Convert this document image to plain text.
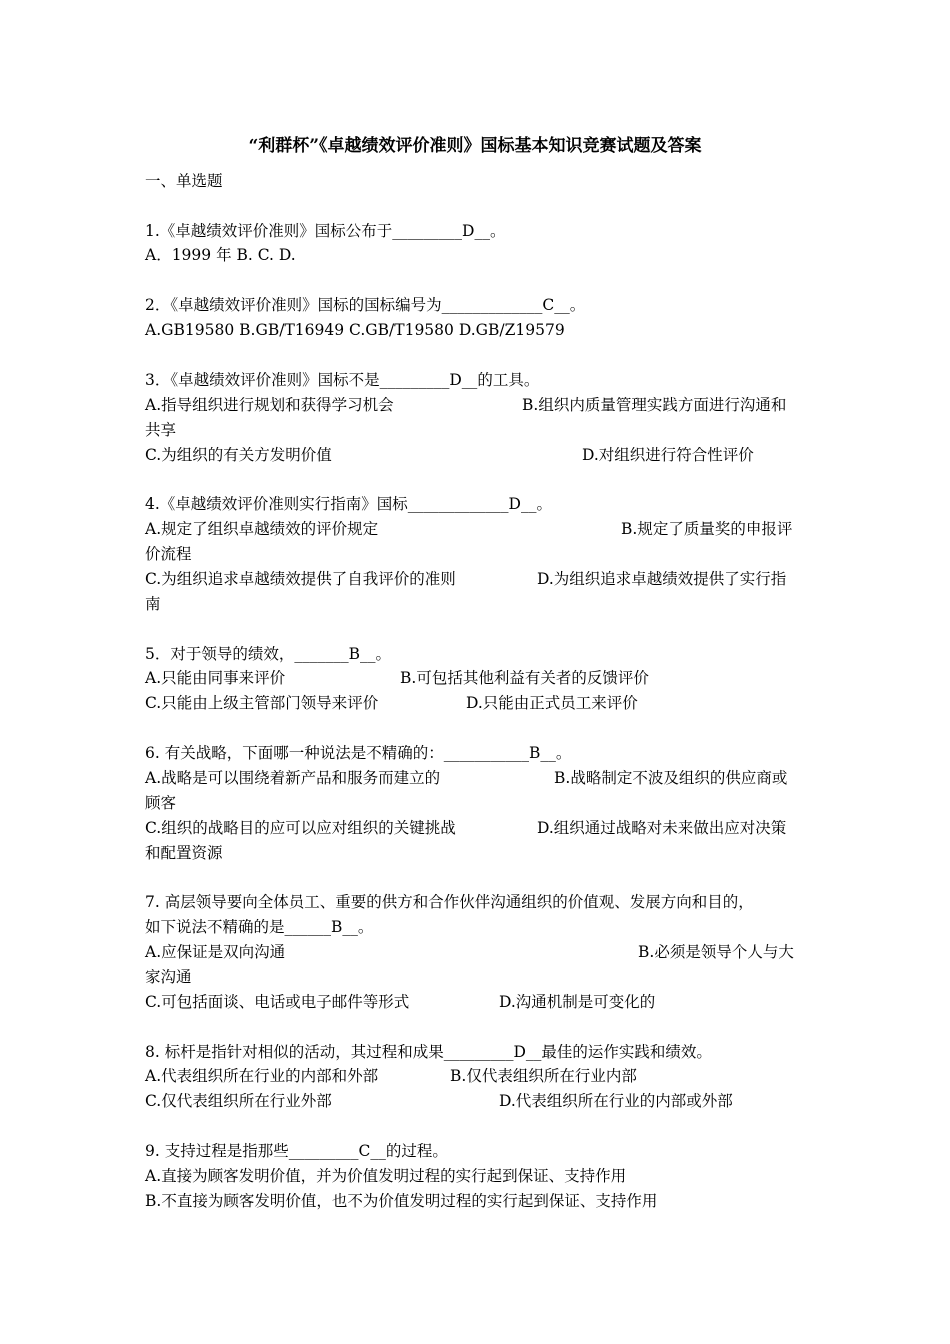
“利群杯”《卓越绩效评价准则》国标基本知识竞赛试题及答案
一、单选题
1.《卓越绩效评价准则》国标公布于_________D__。
A．1999 年 B. C. D.
2．《卓越绩效评价准则》国标的国标编号为_____________C__。
A.GB19580 B.GB/T16949 C.GB/T19580 D.GB/Z19579
3．《卓越绩效评价准则》国标不是_________D__的工具。
A.指导组织进行规划和获得学习机会	B.组织内质量管理实践方面进行沟通和
共享
C.为组织的有关方发明价值	D.对组织进行符合性评价
4.《卓越绩效评价准则实行指南》国标_____________D__。
A.规定了组织卓越绩效的评价规定	B.规定了质量奖的申报评
价流程
C.为组织追求卓越绩效提供了自我评价的准则	D.为组织追求卓越绩效提供了实行指
南
5．对于领导的绩效，_______B__。
A.只能由同事来评价	B.可包括其他利益有关者的反馈评价
C.只能由上级主管部门领导来评价	D.只能由正式员工来评价
6. 有关战略，下面哪一种说法是不精确的：___________B__。
A.战略是可以围绕着新产品和服务而建立的	B.战略制定不波及组织的供应商或
顾客
C.组织的战略目的应可以应对组织的关键挑战	D.组织通过战略对未来做出应对决策
和配置资源
7. 高层领导要向全体员工、重要的供方和合作伙伴沟通组织的价值观、发展方向和目的，
如下说法不精确的是______B__。
A.应保证是双向沟通	B.必须是领导个人与大
家沟通
C.可包括面谈、电话或电子邮件等形式	D.沟通机制是可变化的
8. 标杆是指针对相似的活动，其过程和成果_________D__最佳的运作实践和绩效。
A.代表组织所在行业的内部和外部	B.仅代表组织所在行业内部
C.仅代表组织所在行业外部	D.代表组织所在行业的内部或外部
9. 支持过程是指那些_________C__的过程。
A.直接为顾客发明价值，并为价值发明过程的实行起到保证、支持作用
B.不直接为顾客发明价值，也不为价值发明过程的实行起到保证、支持作用
